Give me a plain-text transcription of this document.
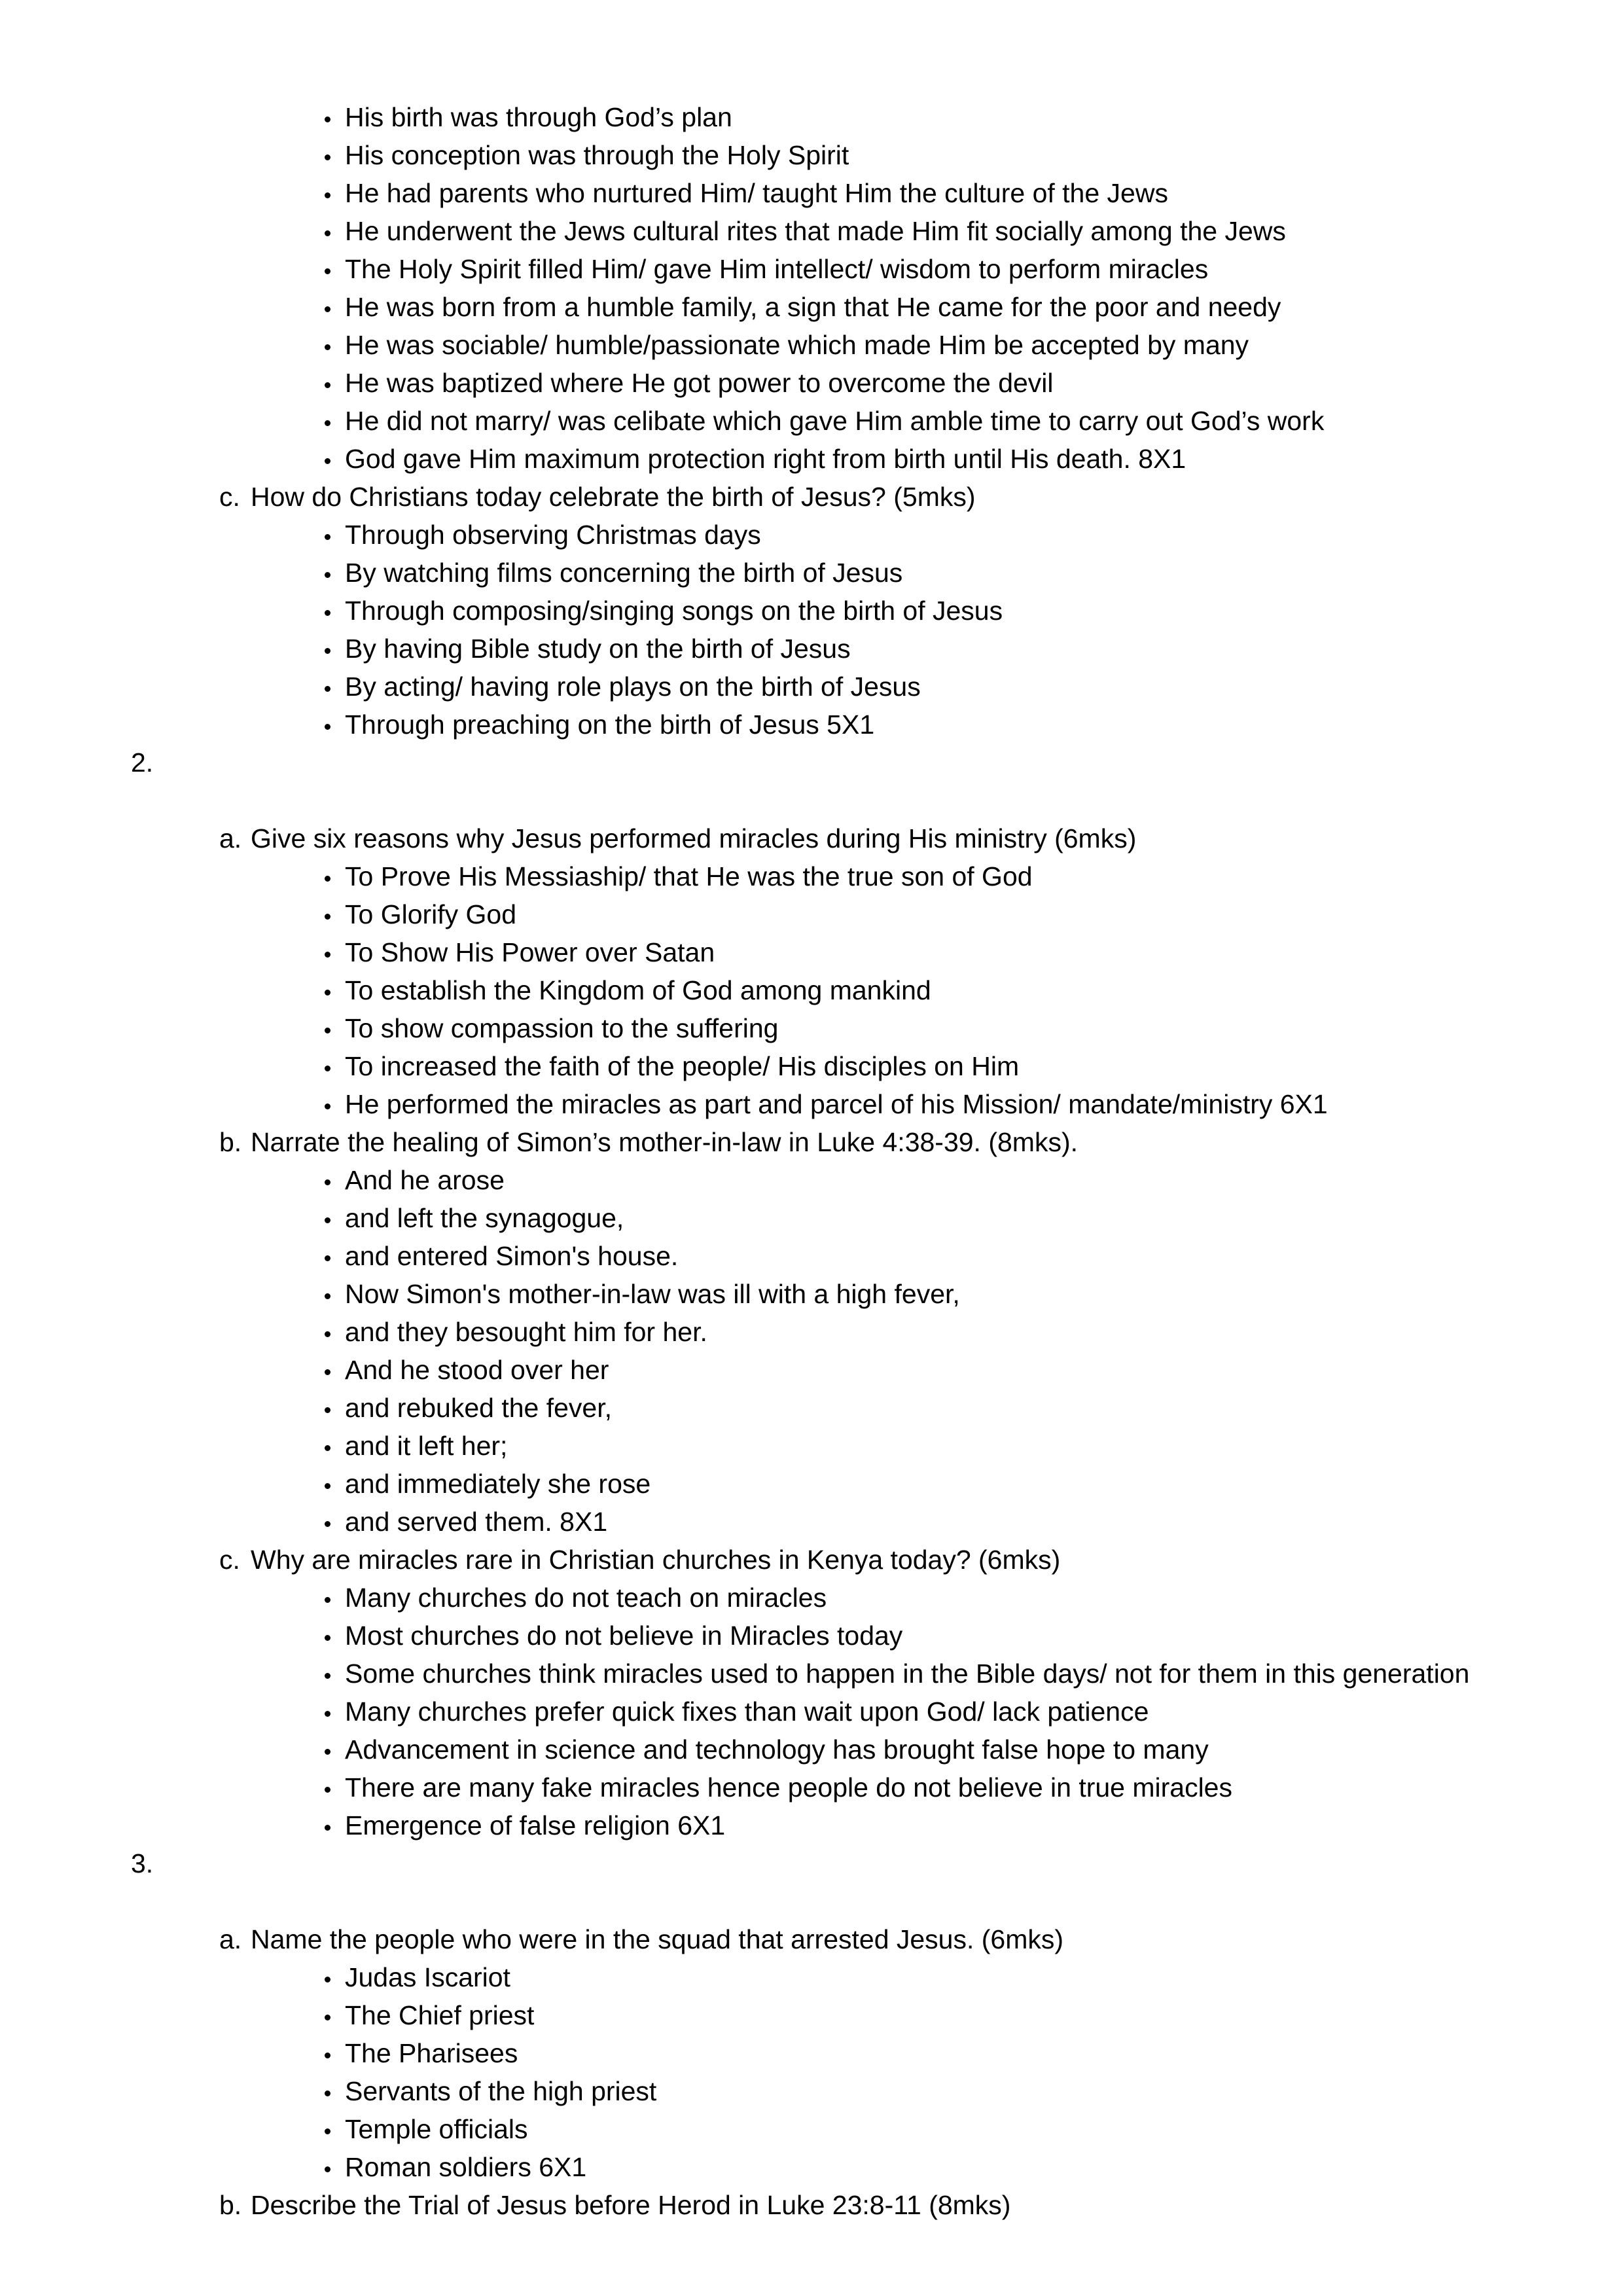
His birth was through God’s plan
His conception was through the Holy Spirit
He had parents who nurtured Him/ taught Him the culture of the Jews
He underwent the Jews cultural rites that made Him fit socially among the Jews
The Holy Spirit filled Him/ gave Him intellect/ wisdom to perform miracles
He was born from a humble family, a sign that He came for the poor and needy
He was sociable/ humble/passionate which made Him be accepted by many
He was baptized where He got power to overcome the devil
He did not marry/ was celibate which gave Him amble time to carry out God’s work
God gave Him maximum protection right from birth until His death. 8X1
c. How do Christians today celebrate the birth of Jesus? (5mks)
Through observing Christmas days
By watching films concerning the birth of Jesus
Through composing/singing songs on the birth of Jesus
By having Bible study on the birth of Jesus
By acting/ having role plays on the birth of Jesus
Through preaching on the birth of Jesus 5X1
2.
a. Give six reasons why Jesus performed miracles during His ministry (6mks)
To Prove His Messiaship/ that He was the true son of God
To Glorify God
To Show His Power over Satan
To establish the Kingdom of God among mankind
To show compassion to the suffering
To increased the faith of the people/ His disciples on Him
He performed the miracles as part and parcel of his Mission/ mandate/ministry 6X1
b. Narrate the healing of Simon’s mother-in-law in Luke 4:38-39. (8mks).
And he arose
and left the synagogue,
and entered Simon's house.
Now Simon's mother-in-law was ill with a high fever,
and they besought him for her.
And he stood over her
and rebuked the fever,
and it left her;
and immediately she rose
and served them. 8X1
c. Why are miracles rare in Christian churches in Kenya today? (6mks)
Many churches do not teach on miracles
Most churches do not believe in Miracles today
Some churches think miracles used to happen in the Bible days/ not for them in this generation
Many churches prefer quick fixes than wait upon God/ lack patience
Advancement in science and technology has brought false hope to many
There are many fake miracles hence people do not believe in true miracles
Emergence of false religion 6X1
3.
a. Name the people who were in the squad that arrested Jesus. (6mks)
Judas Iscariot
The Chief priest
The Pharisees
Servants of the high priest
Temple officials
Roman soldiers 6X1
b. Describe the Trial of Jesus before Herod in Luke 23:8-11 (8mks)
